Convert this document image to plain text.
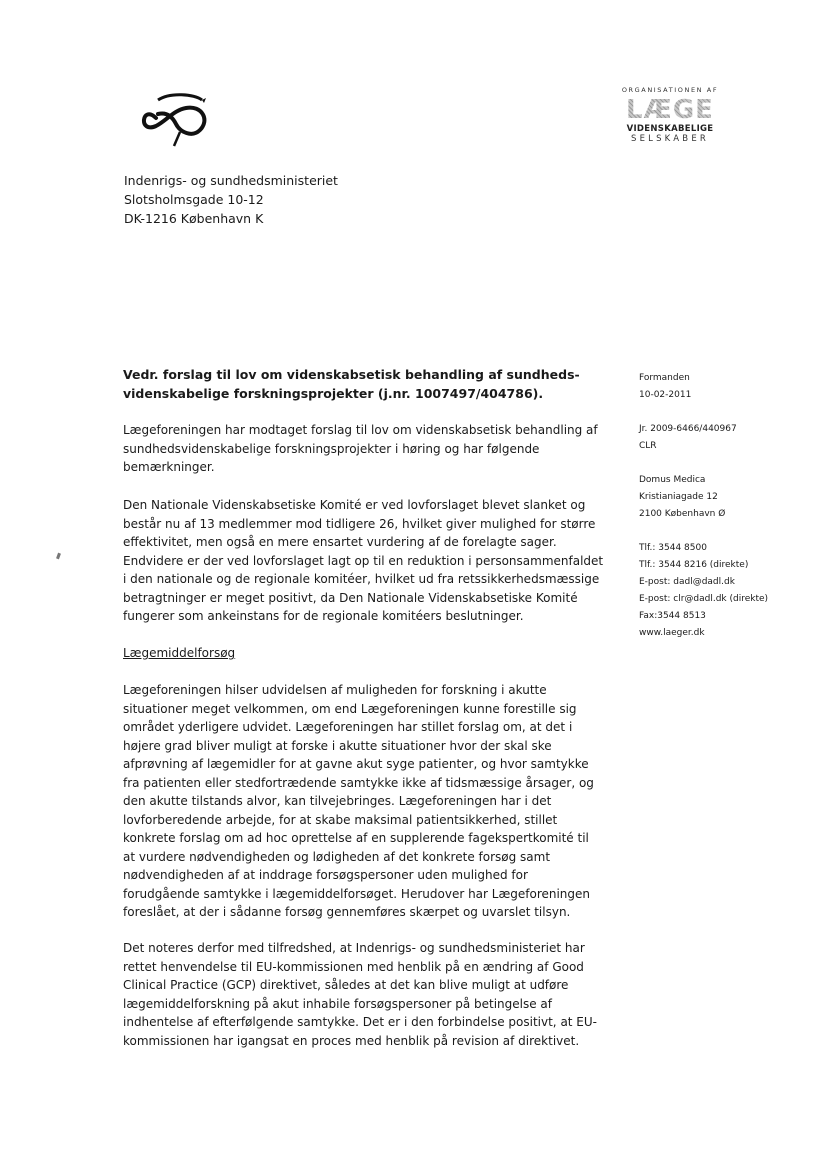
ORGANISATIONEN AF
LÆGE
VIDENSKABELIGE
SELSKABER
Indenrigs- og sundhedsministeriet
Slotsholmsgade 10-12
DK-1216 København K
Vedr. forslag til lov om videnskabsetisk behandling af sundheds-
videnskabelige forskningsprojekter (j.nr. 1007497/404786).

Lægeforeningen har modtaget forslag til lov om videnskabsetisk behandling af

sundhedsvidenskabelige forskningsprojekter i høring og har følgende

bemærkninger.

Den Nationale Videnskabsetiske Komité er ved lovforslaget blevet slanket og

består nu af 13 medlemmer mod tidligere 26, hvilket giver mulighed for større

effektivitet, men også en mere ensartet vurdering af de forelagte sager.

Endvidere er der ved lovforslaget lagt op til en reduktion i personsammenfaldet

i den nationale og de regionale komitéer, hvilket ud fra retssikkerhedsmæssige

betragtninger er meget positivt, da Den Nationale Videnskabsetiske Komité

fungerer som ankeinstans for de regionale komitéers beslutninger.

Lægemiddelforsøg

Lægeforeningen hilser udvidelsen af muligheden for forskning i akutte

situationer meget velkommen, om end Lægeforeningen kunne forestille sig

området yderligere udvidet. Lægeforeningen har stillet forslag om, at det i

højere grad bliver muligt at forske i akutte situationer hvor der skal ske

afprøvning af lægemidler for at gavne akut syge patienter, og hvor samtykke

fra patienten eller stedfortrædende samtykke ikke af tidsmæssige årsager, og

den akutte tilstands alvor, kan tilvejebringes. Lægeforeningen har i det

lovforberedende arbejde, for at skabe maksimal patientsikkerhed, stillet

konkrete forslag om ad hoc oprettelse af en supplerende fagekspertkomité til

at vurdere nødvendigheden og lødigheden af det konkrete forsøg samt

nødvendigheden af at inddrage forsøgspersoner uden mulighed for

forudgående samtykke i lægemiddelforsøget. Herudover har Lægeforeningen

foreslået, at der i sådanne forsøg gennemføres skærpet og uvarslet tilsyn.

Det noteres derfor med tilfredshed, at Indenrigs- og sundhedsministeriet har

rettet henvendelse til EU-kommissionen med henblik på en ændring af Good

Clinical Practice (GCP) direktivet, således at det kan blive muligt at udføre

lægemiddelforskning på akut inhabile forsøgspersoner på betingelse af

indhentelse af efterfølgende samtykke. Det er i den forbindelse positivt, at EU-

kommissionen har igangsat en proces med henblik på revision af direktivet.

Formanden
10-02-2011
Jr. 2009-6466/440967
CLR
Domus Medica
Kristianiagade 12
2100 København Ø
Tlf.: 3544 8500
Tlf.: 3544 8216 (direkte)
E-post: dadl@dadl.dk
E-post: clr@dadl.dk (direkte)
Fax:3544 8513
www.laeger.dk
